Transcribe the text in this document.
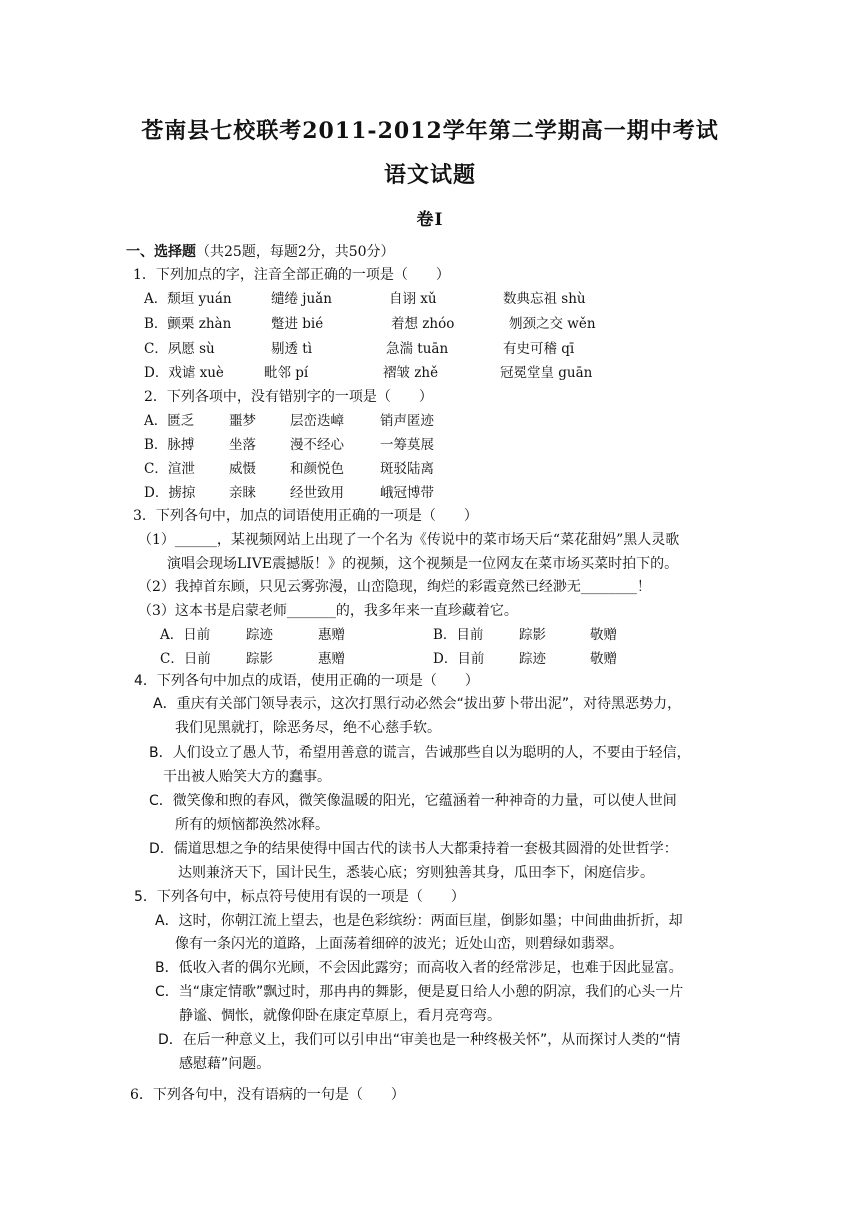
苍南县七校联考2011-2012学年第二学期高一期中考试
语文试题
卷Ⅰ
一、选择题（共25题，每题2分，共50分）
1．下列加点的字，注音全部正确的一项是（　　）
A．颓垣 yuán	缱绻 juǎn	自诩 xǔ	数典忘祖 shù
B．颤栗 zhàn	蹩进 bié	着想 zhóo	刎颈之交 wěn
C．夙愿 sù	剔透 tì	急湍 tuān	有史可稽 qī
D．戏谑 xuè	毗邻 pí	褶皱 zhě	冠冕堂皇 guān
2．下列各项中，没有错别字的一项是（　　）
A．匮乏	噩梦	层峦迭嶂	销声匿迹
B．脉搏	坐落	漫不经心	一筹莫展
C．渲泄	威慑	和颜悦色	斑驳陆离
D．掳掠 亲睐	经世致用	峨冠博带
3．下列各句中，加点的词语使用正确的一项是（　　）
（1）______，某视频网站上出现了一个名为《传说中的菜市场天后“菜花甜妈”黑人灵歌
演唱会现场LIVE震撼版！》的视频，这个视频是一位网友在菜市场买菜时拍下的。
（2）我掉首东顾，只见云雾弥漫，山峦隐现，绚烂的彩霞竟然已经渺无________！
（3）这本书是启蒙老师_______的，我多年来一直珍藏着它。
A．日前	踪迹	惠赠	B．目前	踪影	敬赠
C．日前	踪影	惠赠	D．目前	踪迹	敬赠
4．下列各句中加点的成语，使用正确的一项是（　　）
A．重庆有关部门领导表示，这次打黑行动必然会“拔出萝卜带出泥”，对待黑恶势力，
我们见黑就打，除恶务尽，绝不心慈手软。
B．人们设立了愚人节，希望用善意的谎言，告诫那些自以为聪明的人，不要由于轻信，
干出被人贻笑大方的蠢事。
C．微笑像和煦的春风，微笑像温暖的阳光，它蕴涵着一种神奇的力量，可以使人世间
所有的烦恼都涣然冰释。
D．儒道思想之争的结果使得中国古代的读书人大都秉持着一套极其圆滑的处世哲学：
达则兼济天下，国计民生，悉装心底；穷则独善其身，瓜田李下，闲庭信步。
5．下列各句中，标点符号使用有误的一项是（　　）
A．这时，你朝江流上望去，也是色彩缤纷：两面巨崖，倒影如墨；中间曲曲折折，却
像有一条闪光的道路，上面荡着细碎的波光；近处山峦，则碧绿如翡翠。
B．低收入者的偶尔光顾，不会因此露穷；而高收入者的经常涉足，也难于因此显富。
C．当“康定情歌”飘过时，那冉冉的舞影，便是夏日给人小憩的阴凉，我们的心头一片
静谧、惆怅，就像仰卧在康定草原上，看月亮弯弯。
D．在后一种意义上，我们可以引申出“审美也是一种终极关怀”，从而探讨人类的“情
感慰藉”问题。
6．下列各句中，没有语病的一句是（　　）
